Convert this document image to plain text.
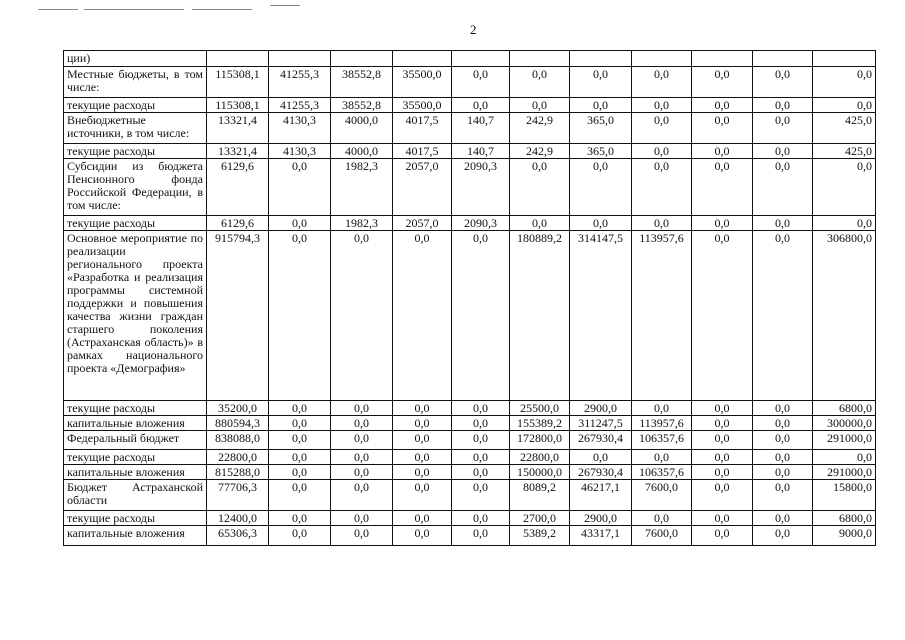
2
ции)											
Местные бюджеты, в том числе:	115308,1	41255,3	38552,8	35500,0	0,0	0,0	0,0	0,0	0,0	0,0	0,0
текущие расходы	115308,1	41255,3	38552,8	35500,0	0,0	0,0	0,0	0,0	0,0	0,0	0,0
Внебюджетные источники, в том числе:	13321,4	4130,3	4000,0	4017,5	140,7	242,9	365,0	0,0	0,0	0,0	425,0
текущие расходы	13321,4	4130,3	4000,0	4017,5	140,7	242,9	365,0	0,0	0,0	0,0	425,0
Субсидии из бюджета Пенсионного фонда Российской Федерации, в том числе:	6129,6	0,0	1982,3	2057,0	2090,3	0,0	0,0	0,0	0,0	0,0	0,0
текущие расходы	6129,6	0,0	1982,3	2057,0	2090,3	0,0	0,0	0,0	0,0	0,0	0,0
Основное мероприятие по реализации регионального проекта «Разработка и реализация программы системной поддержки и повышения качества жизни граждан старшего поколения (Астраханская область)» в рамках национального проекта «Демография»	915794,3	0,0	0,0	0,0	0,0	180889,2	314147,5	113957,6	0,0	0,0	306800,0
текущие расходы	35200,0	0,0	0,0	0,0	0,0	25500,0	2900,0	0,0	0,0	0,0	6800,0
капитальные вложения	880594,3	0,0	0,0	0,0	0,0	155389,2	311247,5	113957,6	0,0	0,0	300000,0
Федеральный бюджет	838088,0	0,0	0,0	0,0	0,0	172800,0	267930,4	106357,6	0,0	0,0	291000,0
текущие расходы	22800,0	0,0	0,0	0,0	0,0	22800,0	0,0	0,0	0,0	0,0	0,0
капитальные вложения	815288,0	0,0	0,0	0,0	0,0	150000,0	267930,4	106357,6	0,0	0,0	291000,0
Бюджет Астраханской области	77706,3	0,0	0,0	0,0	0,0	8089,2	46217,1	7600,0	0,0	0,0	15800,0
текущие расходы	12400,0	0,0	0,0	0,0	0,0	2700,0	2900,0	0,0	0,0	0,0	6800,0
капитальные вложения	65306,3	0,0	0,0	0,0	0,0	5389,2	43317,1	7600,0	0,0	0,0	9000,0
